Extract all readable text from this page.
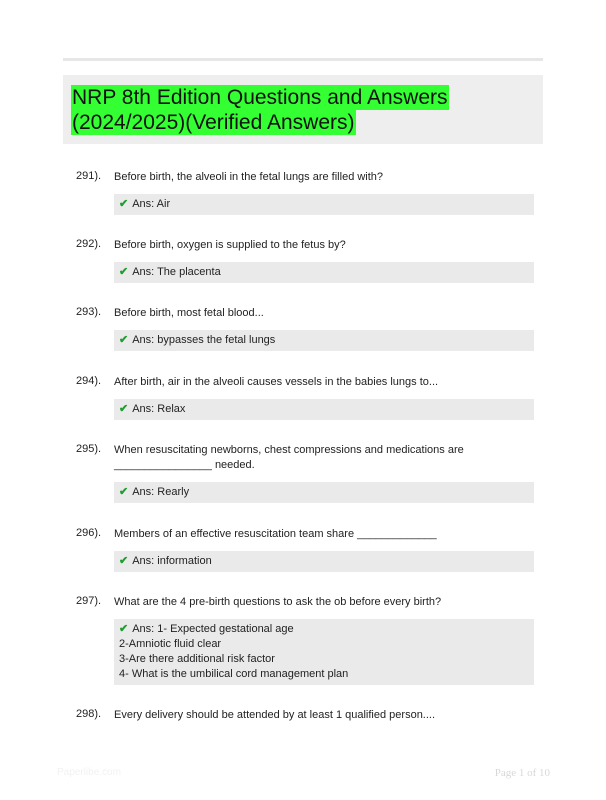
NRP 8th Edition Questions and Answers
(2024/2025)(Verified Answers)
291). Before birth, the alveoli in the fetal lungs are filled with?
✔ Ans: Air
292). Before birth, oxygen is supplied to the fetus by?
✔ Ans: The placenta
293). Before birth, most fetal blood...
✔ Ans: bypasses the fetal lungs
294). After birth, air in the alveoli causes vessels in the babies lungs to...
✔ Ans: Relax
295). When resuscitating newborns, chest compressions and medications are ________________ needed.
✔ Ans: Rearly
296). Members of an effective resuscitation team share _____________
✔ Ans: information
297). What are the 4 pre-birth questions to ask the ob before every birth?
✔ Ans: 1- Expected gestational age
2-Amniotic fluid clear
3-Are there additional risk factor
4- What is the umbilical cord management plan
298). Every delivery should be attended by at least 1 qualified person....
Paperlibe.com	Page 1 of 10
